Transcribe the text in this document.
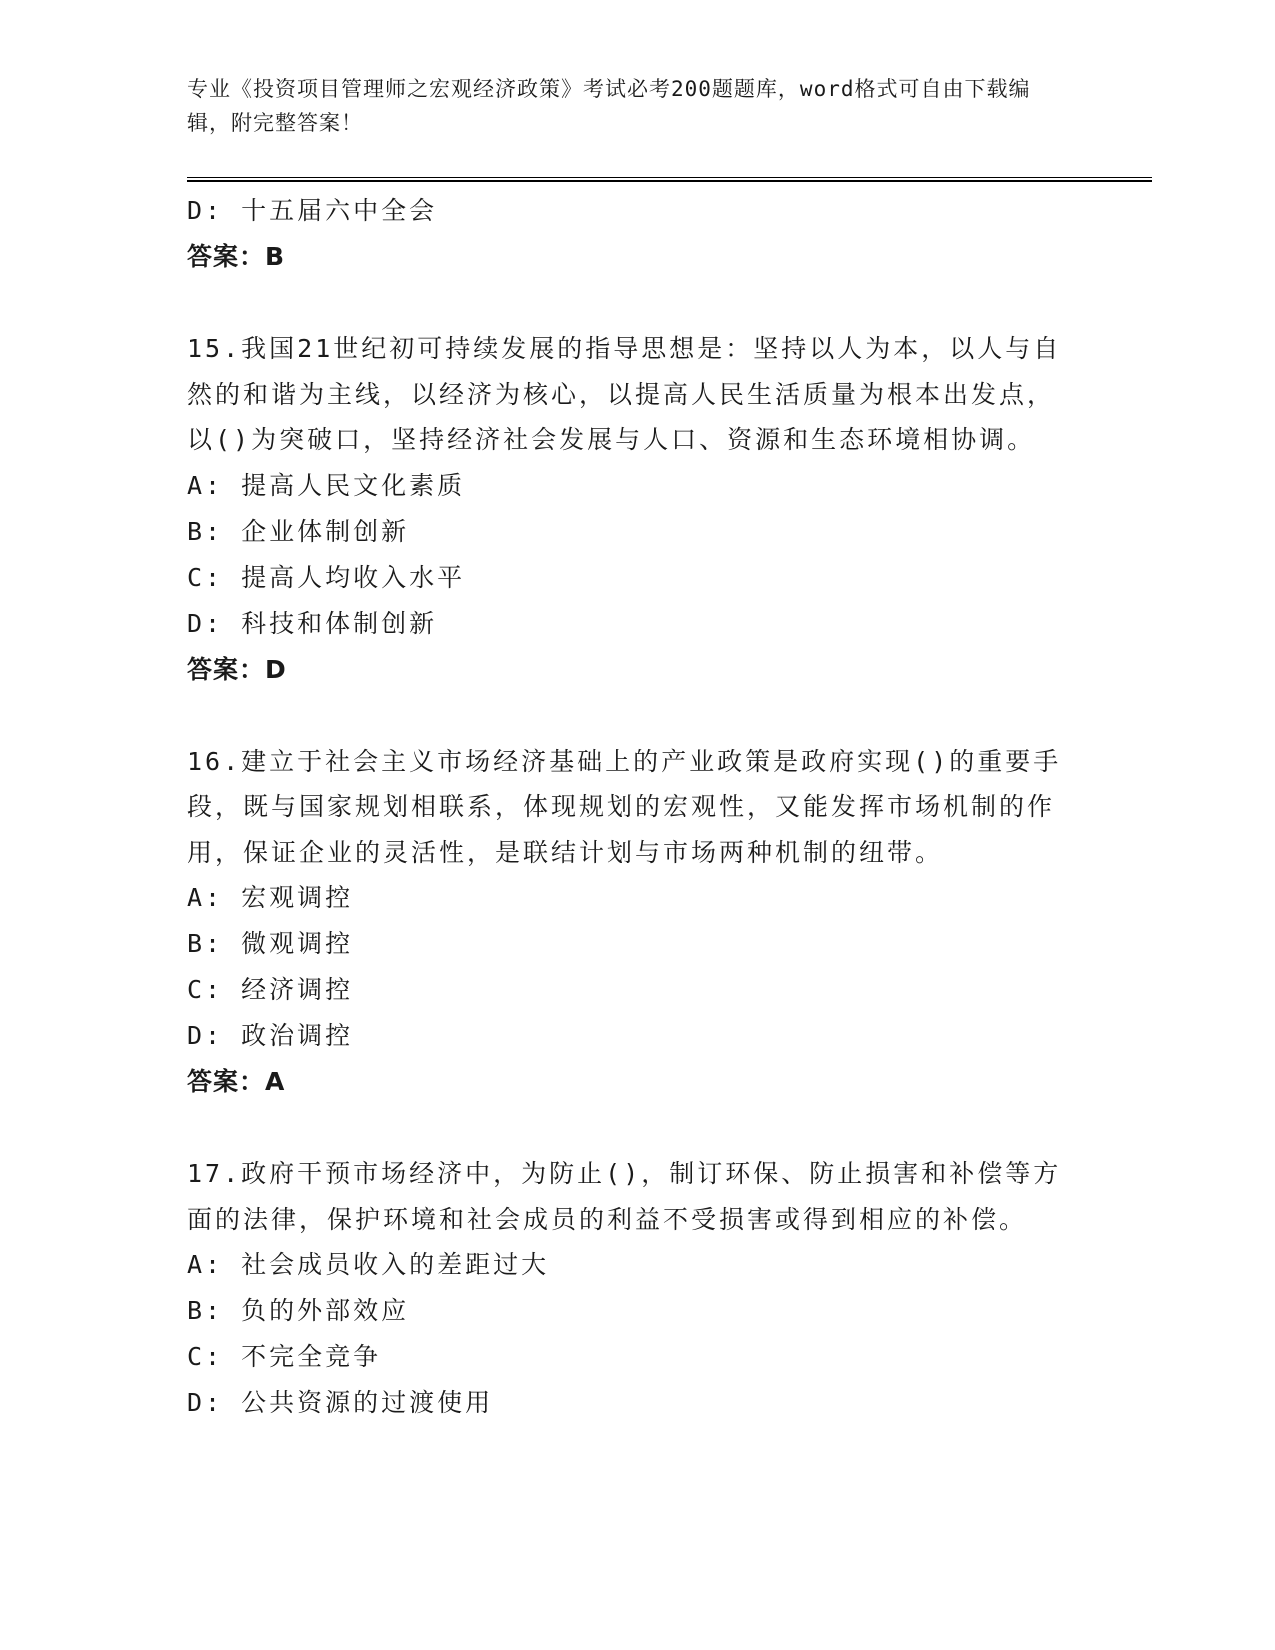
专业《投资项目管理师之宏观经济政策》考试必考200题题库，word格式可自由下载编辑，附完整答案！
D: 十五届六中全会
答案：B
15.我国21世纪初可持续发展的指导思想是：坚持以人为本，以人与自然的和谐为主线，以经济为核心，以提高人民生活质量为根本出发点，以()为突破口，坚持经济社会发展与人口、资源和生态环境相协调。
A: 提高人民文化素质
B: 企业体制创新
C: 提高人均收入水平
D: 科技和体制创新
答案：D
16.建立于社会主义市场经济基础上的产业政策是政府实现()的重要手段，既与国家规划相联系，体现规划的宏观性，又能发挥市场机制的作用，保证企业的灵活性，是联结计划与市场两种机制的纽带。
A: 宏观调控
B: 微观调控
C: 经济调控
D: 政治调控
答案：A
17.政府干预市场经济中，为防止()，制订环保、防止损害和补偿等方面的法律，保护环境和社会成员的利益不受损害或得到相应的补偿。
A: 社会成员收入的差距过大
B: 负的外部效应
C: 不完全竞争
D: 公共资源的过渡使用
